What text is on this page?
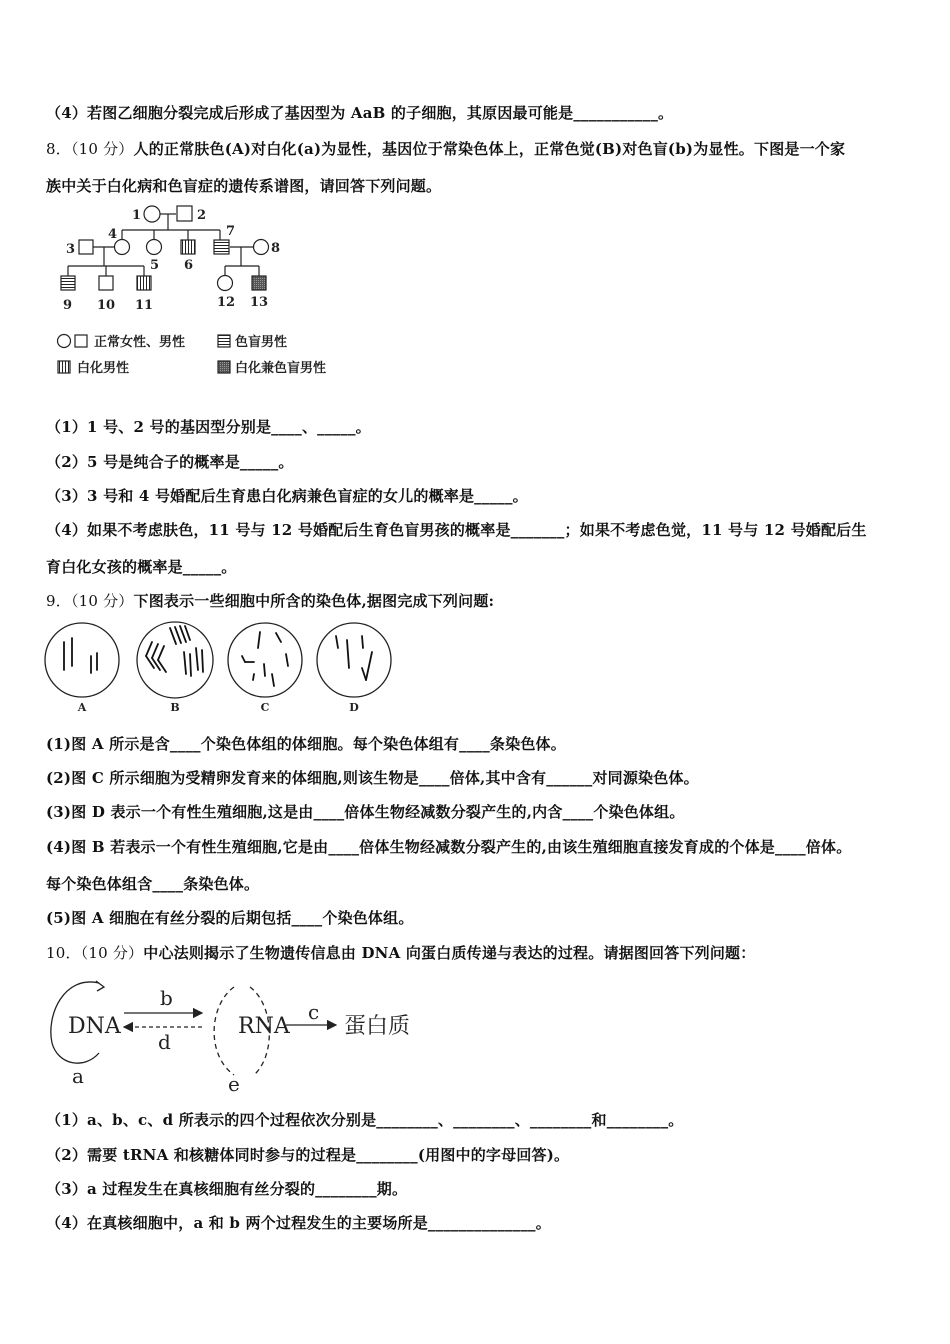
（4）若图乙细胞分裂完成后形成了基因型为 AaB 的子细胞，其原因最可能是___________。
8．（10 分）人的正常肤色(A)对白化(a)为显性，基因位于常染色体上，正常色觉(B)对色盲(b)为显性。下图是一个家
族中关于白化病和色盲症的遗传系谱图，请回答下列问题。
1	2
3
4
5 6
7
8
9 10 11	12 13
正常女性、男性	色盲男性
白化男性	白化兼色盲男性
（1）1 号、2 号的基因型分别是____、_____。
（2）5 号是纯合子的概率是_____。
（3）3 号和 4 号婚配后生育患白化病兼色盲症的女儿的概率是_____。
（4）如果不考虑肤色，11 号与 12 号婚配后生育色盲男孩的概率是_______；如果不考虑色觉，11 号与 12 号婚配后生
育白化女孩的概率是_____。
9．（10 分）下图表示一些细胞中所含的染色体,据图完成下列问题:
A	B	C	D
(1)图 A 所示是含____个染色体组的体细胞。每个染色体组有____条染色体。
(2)图 C 所示细胞为受精卵发育来的体细胞,则该生物是____倍体,其中含有______对同源染色体。
(3)图 D 表示一个有性生殖细胞,这是由____倍体生物经减数分裂产生的,内含____个染色体组。
(4)图 B 若表示一个有性生殖细胞,它是由____倍体生物经减数分裂产生的,由该生殖细胞直接发育成的个体是____倍体。
每个染色体组含____条染色体。
(5)图 A 细胞在有丝分裂的后期包括____个染色体组。
10．（10 分）中心法则揭示了生物遗传信息由 DNA 向蛋白质传递与表达的过程。请据图回答下列问题：
DNA	RNA 蛋白质
b
d
c
a	e
（1）a、b、c、d 所表示的四个过程依次分别是________、________、________和________。
（2）需要 tRNA 和核糖体同时参与的过程是________(用图中的字母回答)。
（3）a 过程发生在真核细胞有丝分裂的________期。
（4）在真核细胞中，a 和 b 两个过程发生的主要场所是______________。
